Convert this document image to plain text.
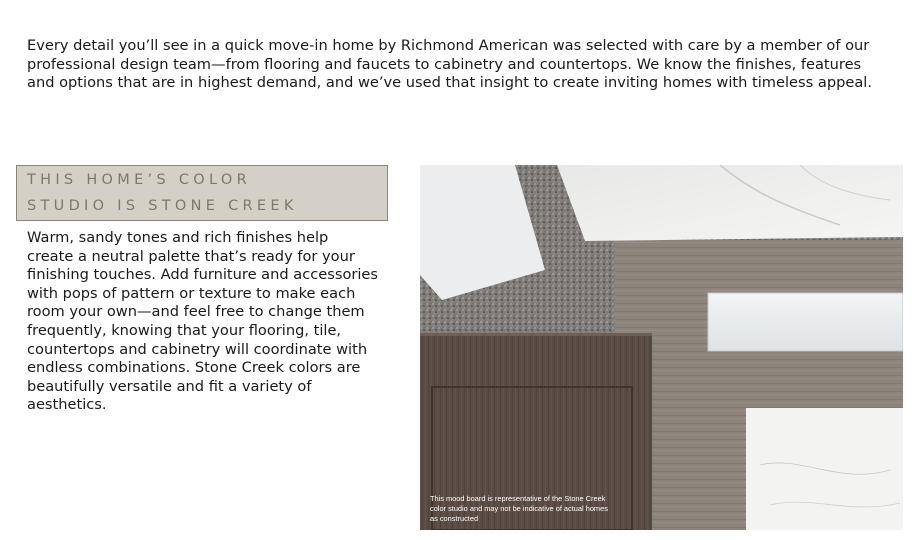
Every detail you’ll see in a quick move-in home by Richmond American was selected with care by a member of our professional design team—from flooring and faucets to cabinetry and countertops. We know the finishes, features and options that are in highest demand, and we’ve used that insight to create inviting homes with timeless appeal.

THIS HOME’S COLOR
STUDIO IS STONE CREEK

Warm, sandy tones and rich finishes help create a neutral palette that’s ready for your finishing touches. Add furniture and accessories with pops of pattern or texture to make each room your own—and feel free to change them frequently, knowing that your flooring, tile, countertops and cabinetry will coordinate with endless combinations. Stone Creek colors are beautifully versatile and fit a variety of aesthetics.

This mood board is representative of the Stone Creek color studio and may not be indicative of actual homes as constructed
